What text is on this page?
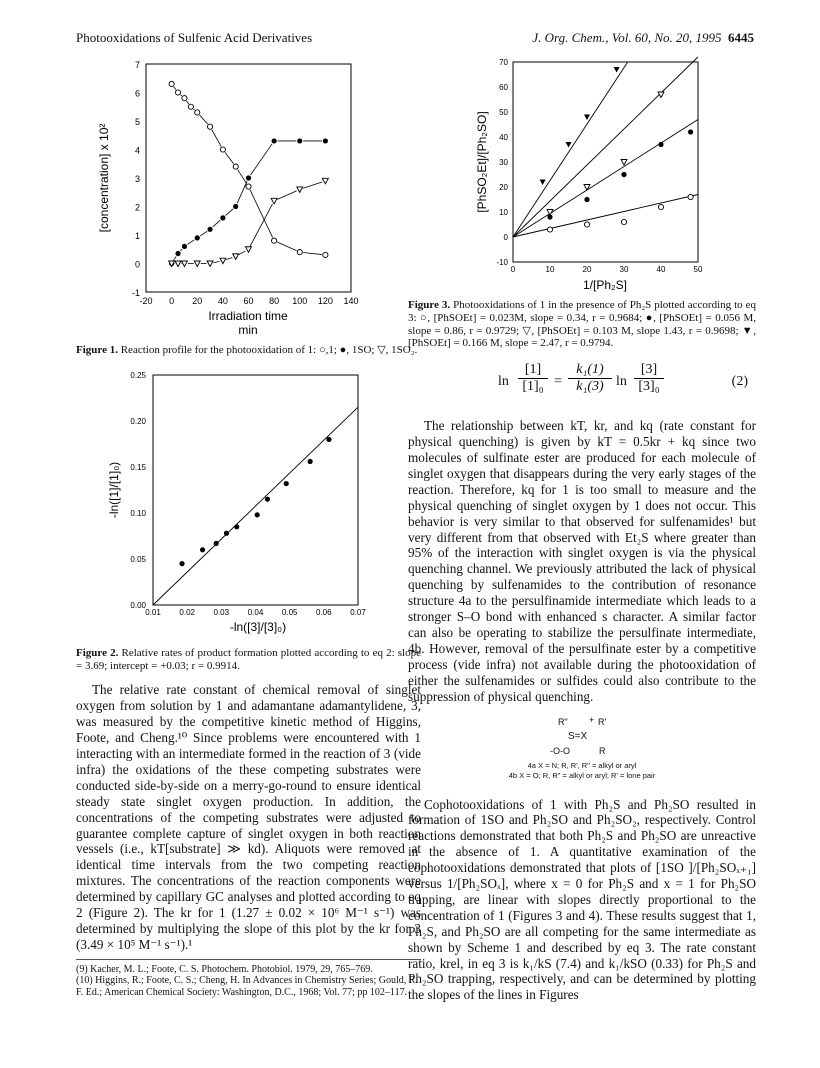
Photooxidations of Sulfenic Acid Derivatives	J. Org. Chem., Vol. 60, No. 20, 1995 6445
7
6
5
4
3
2
1
0
-1
-20 0 20 40 60 80 100 120 140
Irradiation time
min
[concentration] x 10²
Figure 1. Reaction profile for the photooxidation of 1: ○,1; ●, 1SO; ▽, 1SO₂.
0.00
0.05
0.10
0.15
0.20
0.25
0.01 0.02 0.03 0.04 0.05 0.06 0.07
-ln([3]/[3]₀)
-ln([1]/[1]₀)
Figure 2. Relative rates of product formation plotted according to eq 2: slope = 3.69; intercept = +0.03; r = 0.9914.

The relative rate constant of chemical removal of singlet oxygen from solution by 1 and adamantane adamantylidene, 3, was measured by the competitive kinetic method of Higgins, Foote, and Cheng.¹⁰ Since problems were encountered with 1 interacting with an intermediate formed in the reaction of 3 (vide infra) the oxidations of the these competing substrates were conducted side-by-side on a merry-go-round to ensure identical steady state singlet oxygen production. In addition, the concentrations of the competing substrates were adjusted to guarantee complete capture of singlet oxygen in both reaction vessels (i.e., kT[substrate] ≫ kd). Aliquots were removed at identical time intervals from the two competing reaction mixtures. The concentrations of the reaction components were determined by capillary GC analyses and plotted according to eq 2 (Figure 2). The kr for 1 (1.27 ± 0.02 × 10⁶ M⁻¹ s⁻¹) was determined by multiplying the slope of this plot by the kr for 3 (3.49 × 10⁵ M⁻¹ s⁻¹).¹

(9) Kacher, M. L.; Foote, C. S. Photochem. Photobiol. 1979, 29, 765–769.
(10) Higgins, R.; Foote, C. S.; Cheng, H. In Advances in Chemistry Series; Gould, R. F. Ed.; American Chemical Society: Washington, D.C., 1968; Vol. 77; pp 102–117.
-10
0
10
20
30
40
50
60
70
0	10	20	30	40	50
1/[Ph₂S]
[PhSO₂Et]/[Ph₂SO]
Figure 3. Photooxidations of 1 in the presence of Ph₂S plotted according to eq 3: ○, [PhSOEt] = 0.023M, slope = 0.34, r = 0.9684; ●, [PhSOEt] = 0.056 M, slope = 0.86, r = 0.9729; ▽, [PhSOEt] = 0.103 M, slope 1.43, r = 0.9698; ▼, [PhSOEt] = 0.166 M, slope = 2.47, r = 0.9794.
ln
[1]
[1]₀ =
k₁(1)
k₁(3) ln
[3]
[3]₀	(2)

The relationship between kT, kr, and kq (rate constant for physical quenching) is given by kT = 0.5kr + kq since two molecules of sulfinate ester are produced for each molecule of singlet oxygen that disappears during the very early stages of the reaction. Therefore, kq for 1 is too small to measure and the physical quenching of singlet oxygen by 1 does not occur. This behavior is very similar to that observed for sulfenamides¹ but very different from that observed with Et₂S where greater than 95% of the interaction with singlet oxygen is via the physical quenching channel. We previously attributed the lack of physical quenching by sulfenamides to the contribution of resonance structure 4a to the persulfinamide intermediate which leads to a stronger S–O bond with enhanced s character. A similar factor can also be operating to stabilize the persulfinate intermediate, 4b. However, removal of the persulfinate ester by a competitive process (vide infra) not available during the photooxidation of either the sulfenamides or sulfides could also contribute to the suppression of physical quenching.

R" + R'
S=X
-O-O	R
4a X = N; R, R', R" = alkyl or aryl
4b X = O; R, R" = alkyl or aryl; R' = lone pair

Cophotooxidations of 1 with Ph₂S and Ph₂SO resulted in formation of 1SO and Ph₂SO and Ph₂SO₂, respectively. Control reactions demonstrated that both Ph₂S and Ph₂SO are unreactive in the absence of 1. A quantitative examination of the cophotooxidations demonstrated that plots of [1SO ]/[Ph₂SOₓ₊₁] versus 1/[Ph₂SOₓ], where x = 0 for Ph₂S and x = 1 for Ph₂SO trapping, are linear with slopes directly proportional to the concentration of 1 (Figures 3 and 4). These results suggest that 1, Ph₂S, and Ph₂SO are all competing for the same intermediate as shown by Scheme 1 and described by eq 3. The rate constant ratio, krel, in eq 3 is k₁/kS (7.4) and k₁/kSO (0.33) for Ph₂S and Ph₂SO trapping, respectively, and can be determined by plotting the slopes of the lines in Figures
